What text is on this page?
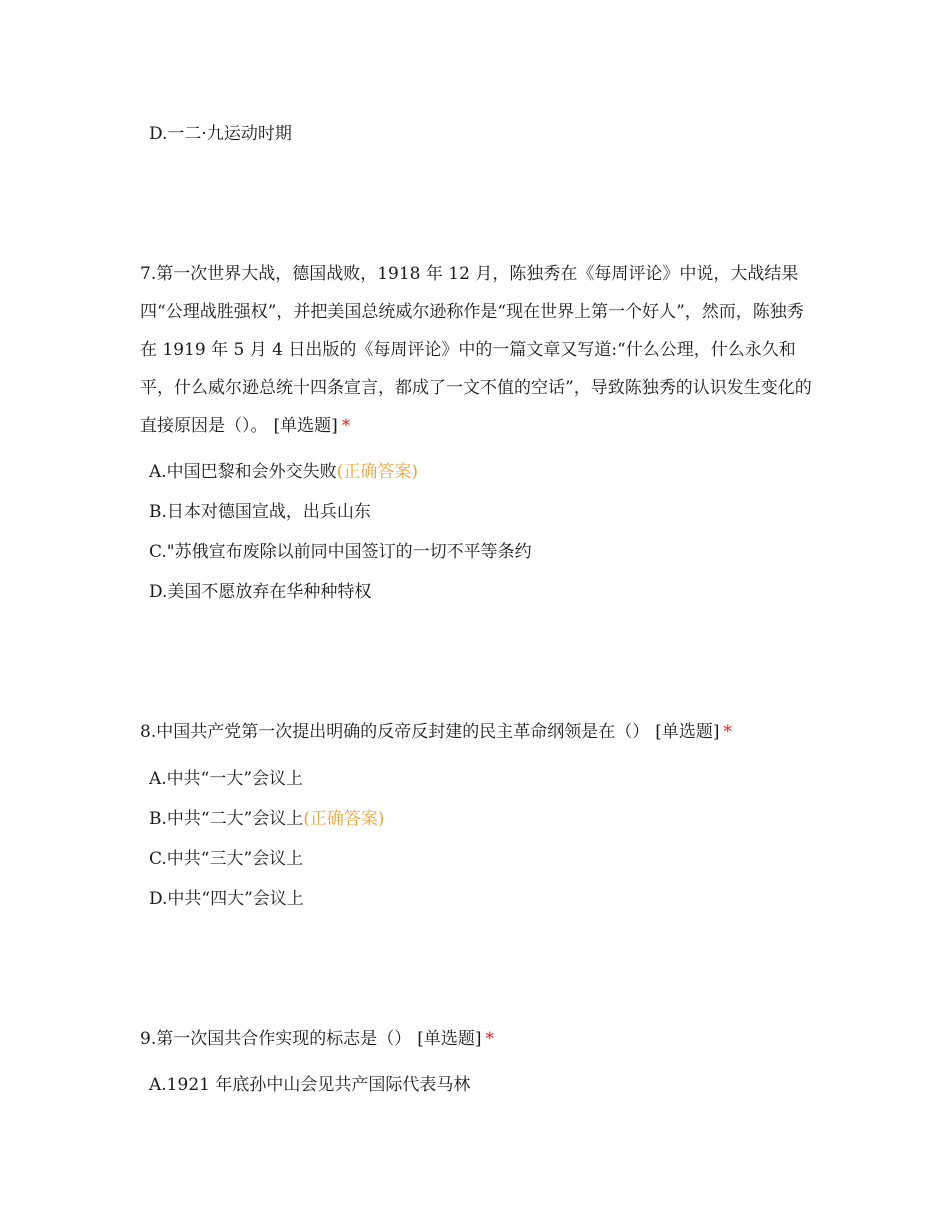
D.一二·九运动时期
7.第一次世界大战，德国战败，1918 年 12 月，陈独秀在《每周评论》中说，大战结果四“公理战胜强权”，并把美国总统威尔逊称作是“现在世界上第一个好人”，然而，陈独秀在 1919 年 5 月 4 日出版的《每周评论》中的一篇文章又写道:“什么公理，什么永久和平，什么威尔逊总统十四条宣言，都成了一文不值的空话”，导致陈独秀的认识发生变化的直接原因是（）。 [单选题] *
A.中国巴黎和会外交失败(正确答案)
B.日本对德国宣战，出兵山东
C."苏俄宣布废除以前同中国签订的一切不平等条约
D.美国不愿放弃在华种种特权
8.中国共产党第一次提出明确的反帝反封建的民主革命纲领是在（） [单选题] *
A.中共“一大”会议上
B.中共“二大”会议上(正确答案)
C.中共“三大”会议上
D.中共“四大”会议上
9.第一次国共合作实现的标志是（） [单选题] *
A.1921 年底孙中山会见共产国际代表马林
